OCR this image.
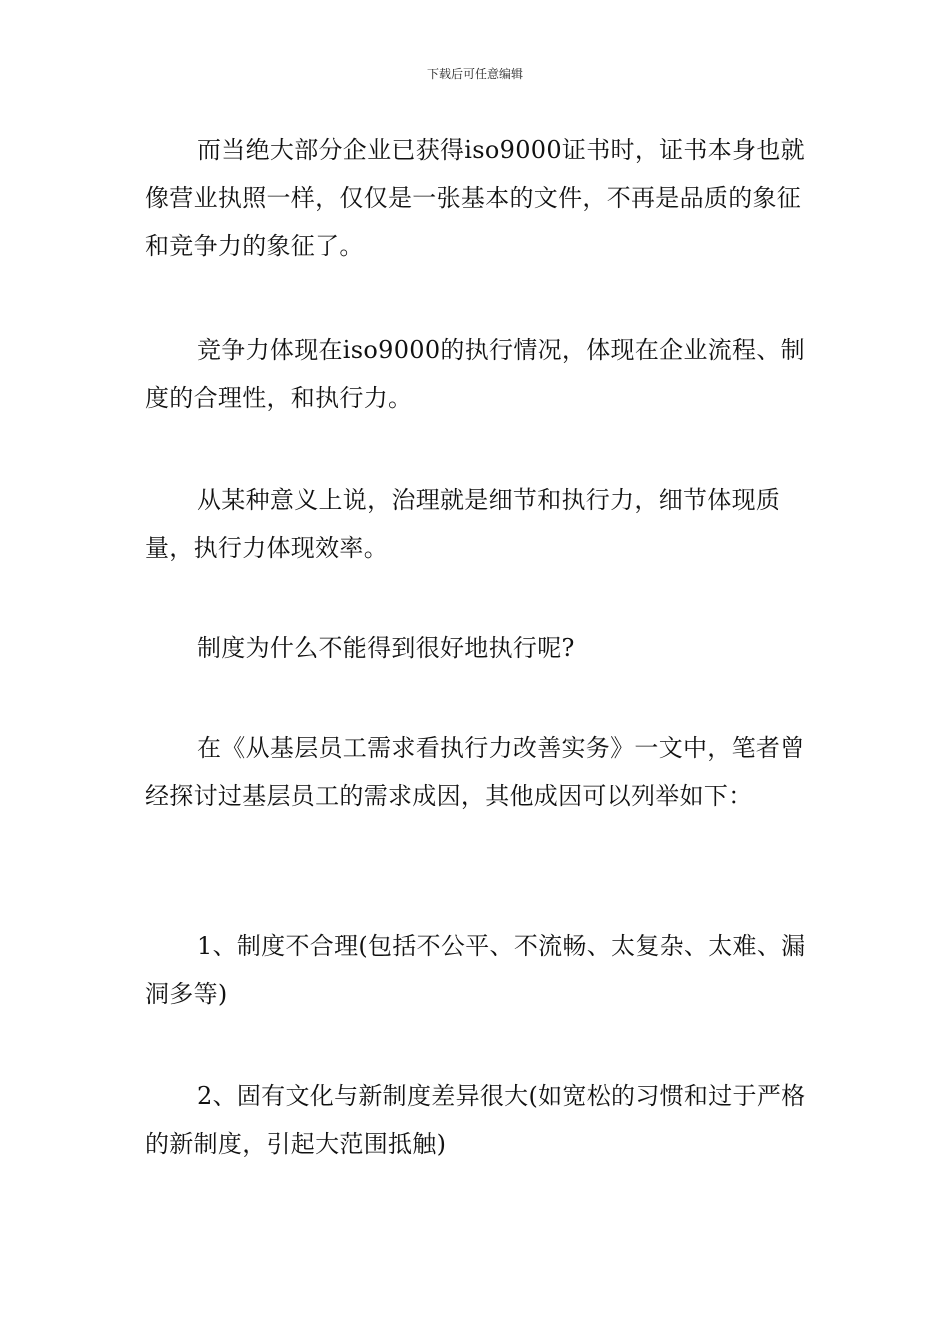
下载后可任意编辑

而当绝大部分企业已获得iso9000证书时，证书本身也就像营业执照一样，仅仅是一张基本的文件，不再是品质的象征和竞争力的象征了。

竞争力体现在iso9000的执行情况，体现在企业流程、制度的合理性，和执行力。

从某种意义上说，治理就是细节和执行力，细节体现质量，执行力体现效率。

制度为什么不能得到很好地执行呢?

在《从基层员工需求看执行力改善实务》一文中，笔者曾经探讨过基层员工的需求成因，其他成因可以列举如下：

1、制度不合理(包括不公平、不流畅、太复杂、太难、漏洞多等)

2、固有文化与新制度差异很大(如宽松的习惯和过于严格的新制度，引起大范围抵触)
